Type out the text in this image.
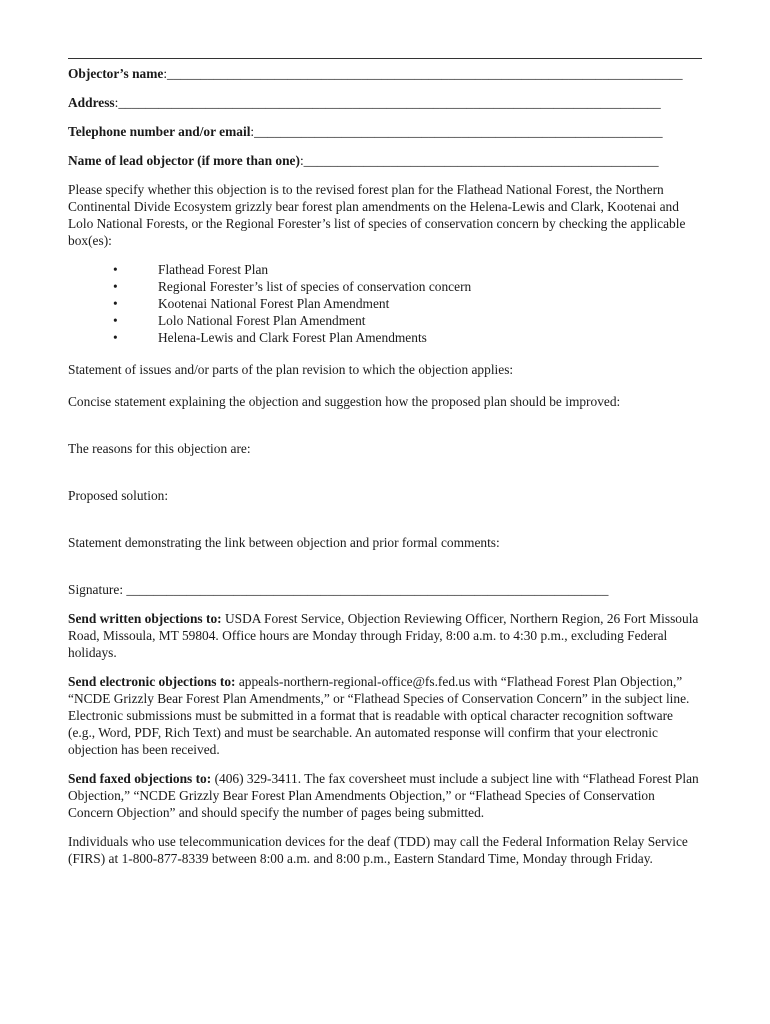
Objector’s name:_____________________________________________________________________________
Address:_________________________________________________________________________________
Telephone number and/or email:_____________________________________________________________
Name of lead objector (if more than one):_____________________________________________________

Please specify whether this objection is to the revised forest plan for the Flathead National Forest, the Northern Continental Divide Ecosystem grizzly bear forest plan amendments on the Helena-Lewis and Clark, Kootenai and Lolo National Forests, or the Regional Forester’s list of species of conservation concern by checking the applicable box(es):

•	Flathead Forest Plan
•	Regional Forester’s list of species of conservation concern
•	Kootenai National Forest Plan Amendment
•	Lolo National Forest Plan Amendment
•	Helena-Lewis and Clark Forest Plan Amendments

Statement of issues and/or parts of the plan revision to which the objection applies:

Concise statement explaining the objection and suggestion how the proposed plan should be improved:

The reasons for this objection are:

Proposed solution:

Statement demonstrating the link between objection and prior formal comments:

Signature: ________________________________________________________________________

Send written objections to: USDA Forest Service, Objection Reviewing Officer, Northern Region, 26 Fort Missoula Road, Missoula, MT 59804. Office hours are Monday through Friday, 8:00 a.m. to 4:30 p.m., excluding Federal holidays.

Send electronic objections to: appeals-northern-regional-office@fs.fed.us with “Flathead Forest Plan Objection,” “NCDE Grizzly Bear Forest Plan Amendments,” or “Flathead Species of Conservation Concern” in the subject line. Electronic submissions must be submitted in a format that is readable with optical character recognition software (e.g., Word, PDF, Rich Text) and must be searchable. An automated response will confirm that your electronic objection has been received.

Send faxed objections to: (406) 329-3411. The fax coversheet must include a subject line with “Flathead Forest Plan Objection,” “NCDE Grizzly Bear Forest Plan Amendments Objection,” or “Flathead Species of Conservation Concern Objection” and should specify the number of pages being submitted.

Individuals who use telecommunication devices for the deaf (TDD) may call the Federal Information Relay Service (FIRS) at 1-800-877-8339 between 8:00 a.m. and 8:00 p.m., Eastern Standard Time, Monday through Friday.
